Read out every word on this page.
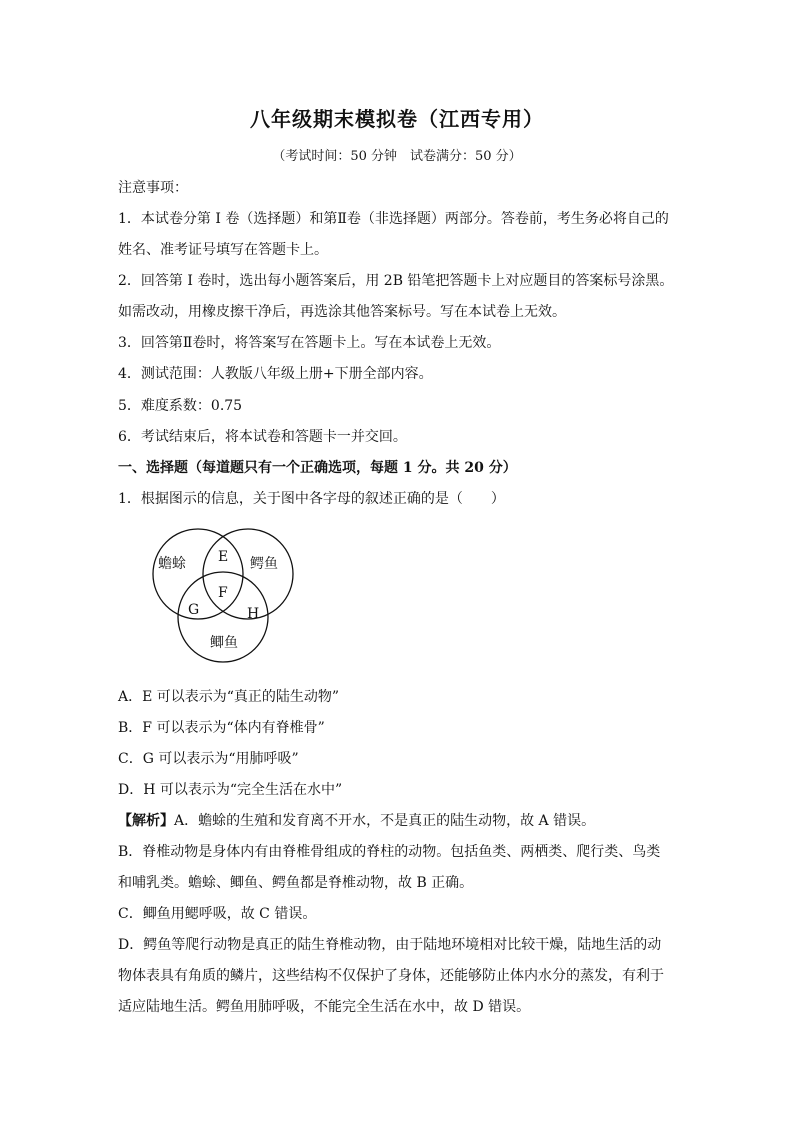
八年级期末模拟卷（江西专用）
（考试时间：50 分钟　试卷满分：50 分）
注意事项：
1．本试卷分第 I 卷（选择题）和第Ⅱ卷（非选择题）两部分。答卷前，考生务必将自己的
姓名、准考证号填写在答题卡上。
2．回答第 I 卷时，选出每小题答案后，用 2B 铅笔把答题卡上对应题目的答案标号涂黑。
如需改动，用橡皮擦干净后，再选涂其他答案标号。写在本试卷上无效。
3．回答第Ⅱ卷时，将答案写在答题卡上。写在本试卷上无效。
4．测试范围：人教版八年级上册+下册全部内容。
5．难度系数：0.75
6．考试结束后，将本试卷和答题卡一并交回。
一、选择题（每道题只有一个正确选项，每题 1 分。共 20 分）
1．根据图示的信息，关于图中各字母的叙述正确的是（　　）
蟾蜍	鳄鱼
鲫鱼
E
F
G	H
A．E 可以表示为“真正的陆生动物”
B．F 可以表示为“体内有脊椎骨”
C．G 可以表示为“用肺呼吸”
D．H 可以表示为“完全生活在水中”
【解析】A．蟾蜍的生殖和发育离不开水，不是真正的陆生动物，故 A 错误。
B．脊椎动物是身体内有由脊椎骨组成的脊柱的动物。包括鱼类、两栖类、爬行类、鸟类
和哺乳类。蟾蜍、鲫鱼、鳄鱼都是脊椎动物，故 B 正确。
C．鲫鱼用鳃呼吸，故 C 错误。
D．鳄鱼等爬行动物是真正的陆生脊椎动物，由于陆地环境相对比较干燥，陆地生活的动
物体表具有角质的鳞片，这些结构不仅保护了身体，还能够防止体内水分的蒸发，有利于
适应陆地生活。鳄鱼用肺呼吸，不能完全生活在水中，故 D 错误。
